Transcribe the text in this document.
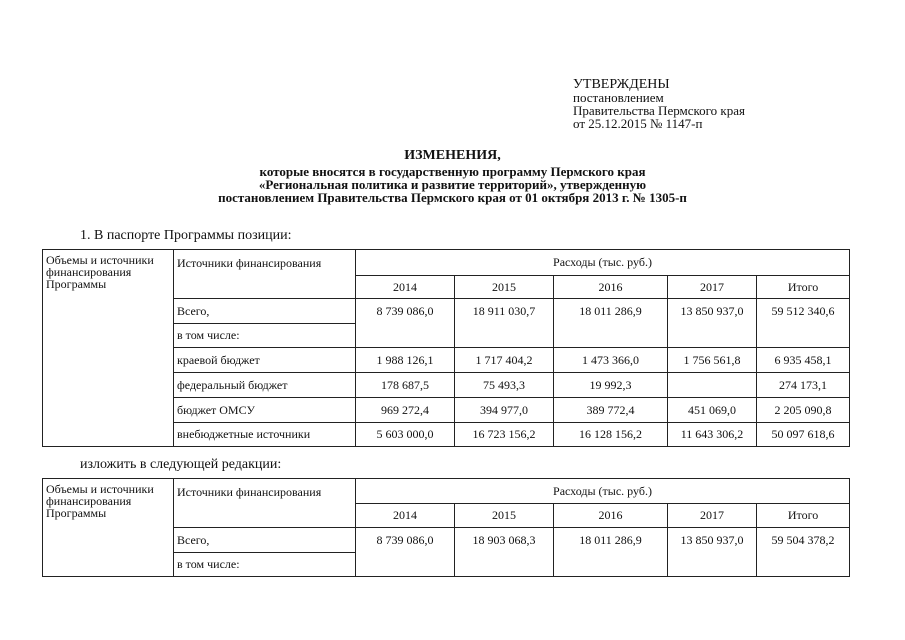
УТВЕРЖДЕНЫ
постановлением
Правительства Пермского края
от 25.12.2015 № 1147-п
ИЗМЕНЕНИЯ,
которые вносятся в государственную программу Пермского края
«Региональная политика и развитие территорий», утвержденную
постановлением Правительства Пермского края от 01 октября 2013 г. № 1305-п
1. В паспорте Программы позиции:
Объемы и источники
финансирования
Программы	Источники финансирования	Расходы (тыс. руб.)				
		2014	2015	2016	2017	Итого
	Всего,	8 739 086,0	18 911 030,7	18 011 286,9	13 850 937,0	59 512 340,6
	в том числе:					
	краевой бюджет	1 988 126,1	1 717 404,2	1 473 366,0	1 756 561,8	6 935 458,1
	федеральный бюджет	178 687,5	75 493,3	19 992,3		274 173,1
	бюджет ОМСУ	969 272,4	394 977,0	389 772,4	451 069,0	2 205 090,8
	внебюджетные источники	5 603 000,0	16 723 156,2	16 128 156,2	11 643 306,2	50 097 618,6
изложить в следующей редакции:
Объемы и источники
финансирования
Программы	Источники финансирования	Расходы (тыс. руб.)				
		2014	2015	2016	2017	Итого
	Всего,	8 739 086,0	18 903 068,3	18 011 286,9	13 850 937,0	59 504 378,2
	в том числе:					
